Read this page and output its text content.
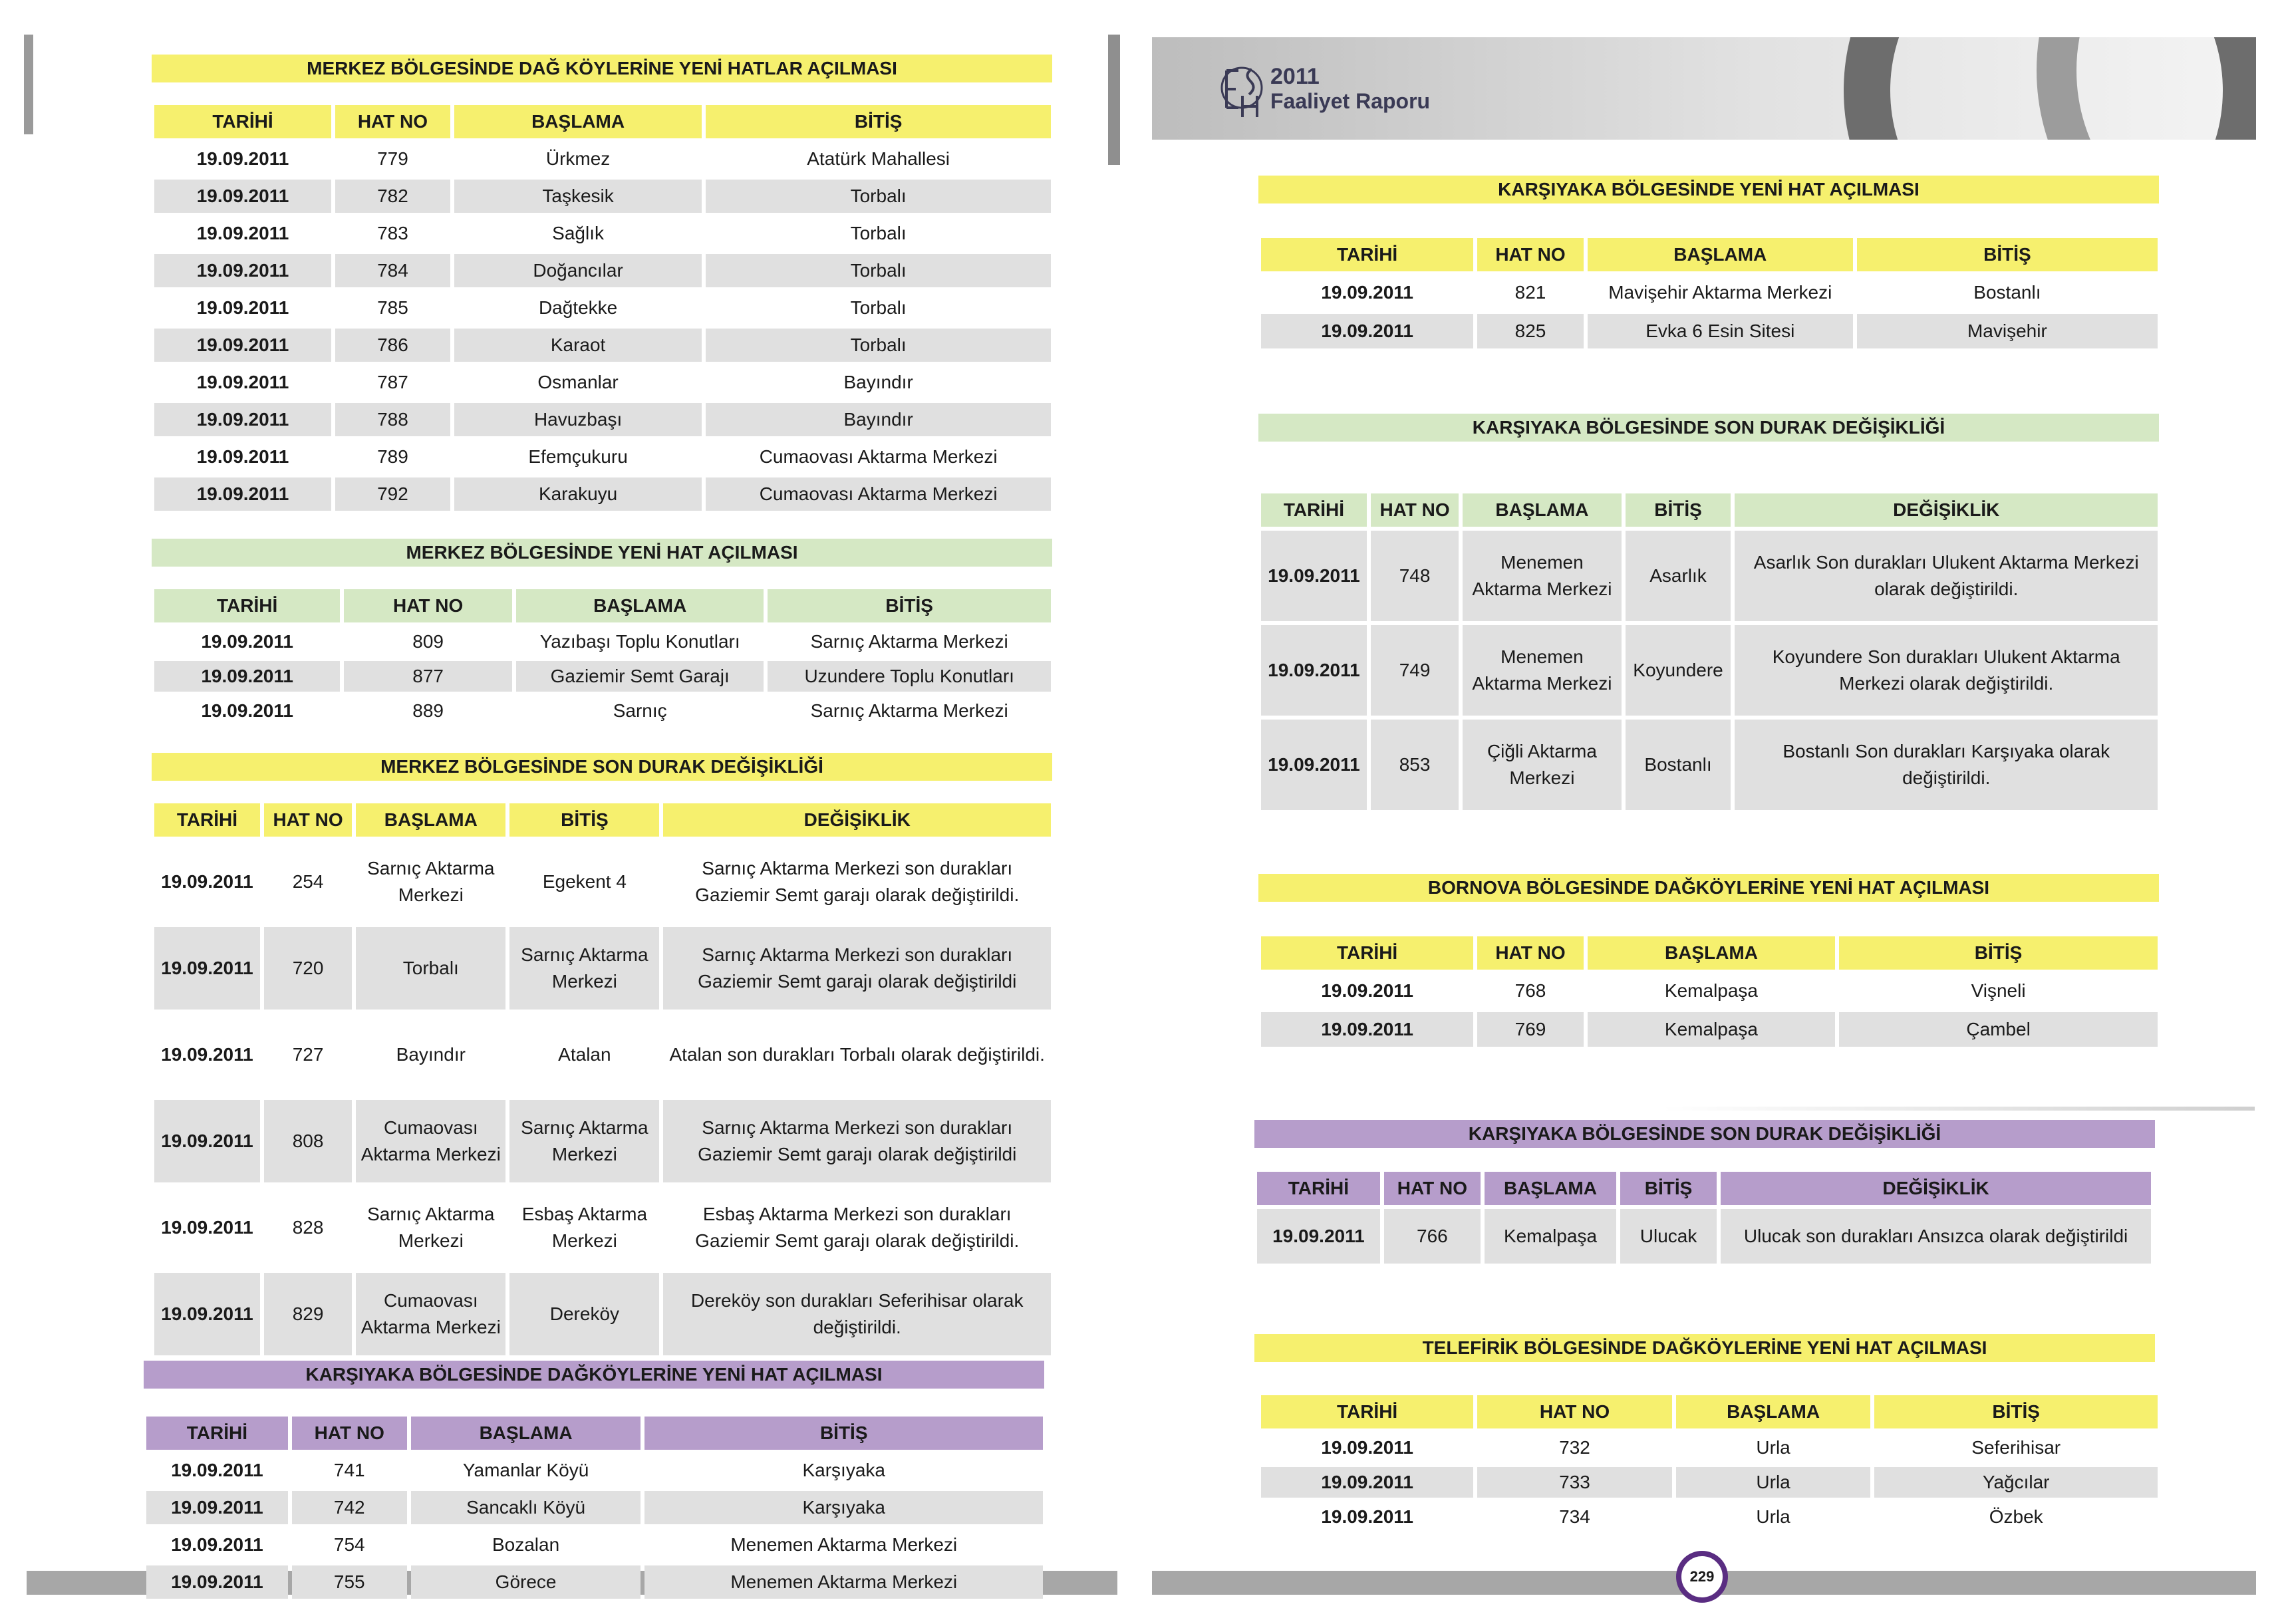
2011
Faaliyet Raporu
MERKEZ BÖLGESİNDE DAĞ KÖYLERİNE YENİ HATLAR AÇILMASI
TARİHİ	HAT NO	BAŞLAMA	BİTİŞ
19.09.2011	779	Ürkmez	Atatürk Mahallesi
19.09.2011	782	Taşkesik	Torbalı
19.09.2011	783	Sağlık	Torbalı
19.09.2011	784	Doğancılar	Torbalı
19.09.2011	785	Dağtekke	Torbalı
19.09.2011	786	Karaot	Torbalı
19.09.2011	787	Osmanlar	Bayındır
19.09.2011	788	Havuzbaşı	Bayındır
19.09.2011	789	Efemçukuru	Cumaovası Aktarma Merkezi
19.09.2011	792	Karakuyu	Cumaovası Aktarma Merkezi
MERKEZ BÖLGESİNDE YENİ HAT AÇILMASI
TARİHİ	HAT NO	BAŞLAMA	BİTİŞ
19.09.2011	809	Yazıbaşı Toplu Konutları	Sarnıç Aktarma Merkezi
19.09.2011	877	Gaziemir Semt Garajı	Uzundere Toplu Konutları
19.09.2011	889	Sarnıç	Sarnıç Aktarma Merkezi
MERKEZ BÖLGESİNDE SON DURAK DEĞİŞİKLİĞİ
TARİHİ	HAT NO	BAŞLAMA	BİTİŞ	DEĞİŞİKLİK
19.09.2011	254	Sarnıç Aktarma Merkezi	Egekent 4	Sarnıç Aktarma Merkezi son durakları Gaziemir Semt garajı olarak değiştirildi.
19.09.2011	720	Torbalı	Sarnıç Aktarma Merkezi	Sarnıç Aktarma Merkezi son durakları Gaziemir Semt garajı olarak değiştirildi
19.09.2011	727	Bayındır	Atalan	Atalan son durakları Torbalı olarak değiştirildi.
19.09.2011	808	Cumaovası Aktarma Merkezi	Sarnıç Aktarma Merkezi	Sarnıç Aktarma Merkezi son durakları Gaziemir Semt garajı olarak değiştirildi
19.09.2011	828	Sarnıç Aktarma Merkezi	Esbaş Aktarma Merkezi	Esbaş Aktarma Merkezi son durakları Gaziemir Semt garajı olarak değiştirildi.
19.09.2011	829	Cumaovası Aktarma Merkezi	Dereköy	Dereköy son durakları Seferihisar olarak değiştirildi.
KARŞIYAKA BÖLGESİNDE DAĞKÖYLERİNE YENİ HAT AÇILMASI
TARİHİ	HAT NO	BAŞLAMA	BİTİŞ
19.09.2011	741	Yamanlar Köyü	Karşıyaka
19.09.2011	742	Sancaklı Köyü	Karşıyaka
19.09.2011	754	Bozalan	Menemen Aktarma Merkezi
19.09.2011	755	Görece	Menemen Aktarma Merkezi
KARŞIYAKA BÖLGESİNDE YENİ HAT AÇILMASI
TARİHİ	HAT NO	BAŞLAMA	BİTİŞ
19.09.2011	821	Mavişehir Aktarma Merkezi	Bostanlı
19.09.2011	825	Evka 6 Esin Sitesi	Mavişehir
KARŞIYAKA BÖLGESİNDE SON DURAK DEĞİŞİKLİĞİ
TARİHİ	HAT NO	BAŞLAMA	BİTİŞ	DEĞİŞİKLİK
19.09.2011	748	Menemen Aktarma Merkezi	Asarlık	Asarlık Son durakları Ulukent Aktarma Merkezi olarak değiştirildi.
19.09.2011	749	Menemen Aktarma Merkezi	Koyundere	Koyundere Son durakları Ulukent Aktarma Merkezi olarak değiştirildi.
19.09.2011	853	Çiğli Aktarma Merkezi	Bostanlı	Bostanlı Son durakları Karşıyaka olarak değiştirildi.
BORNOVA BÖLGESİNDE DAĞKÖYLERİNE YENİ HAT AÇILMASI
TARİHİ	HAT NO	BAŞLAMA	BİTİŞ
19.09.2011	768	Kemalpaşa	Vişneli
19.09.2011	769	Kemalpaşa	Çambel
KARŞIYAKA BÖLGESİNDE SON DURAK DEĞİŞİKLİĞİ
TARİHİ	HAT NO	BAŞLAMA	BİTİŞ	DEĞİŞİKLİK
19.09.2011	766	Kemalpaşa	Ulucak	Ulucak son durakları Ansızca olarak değiştirildi
TELEFİRİK BÖLGESİNDE DAĞKÖYLERİNE YENİ HAT AÇILMASI
TARİHİ	HAT NO	BAŞLAMA	BİTİŞ
19.09.2011	732	Urla	Seferihisar
19.09.2011	733	Urla	Yağcılar
19.09.2011	734	Urla	Özbek
229
